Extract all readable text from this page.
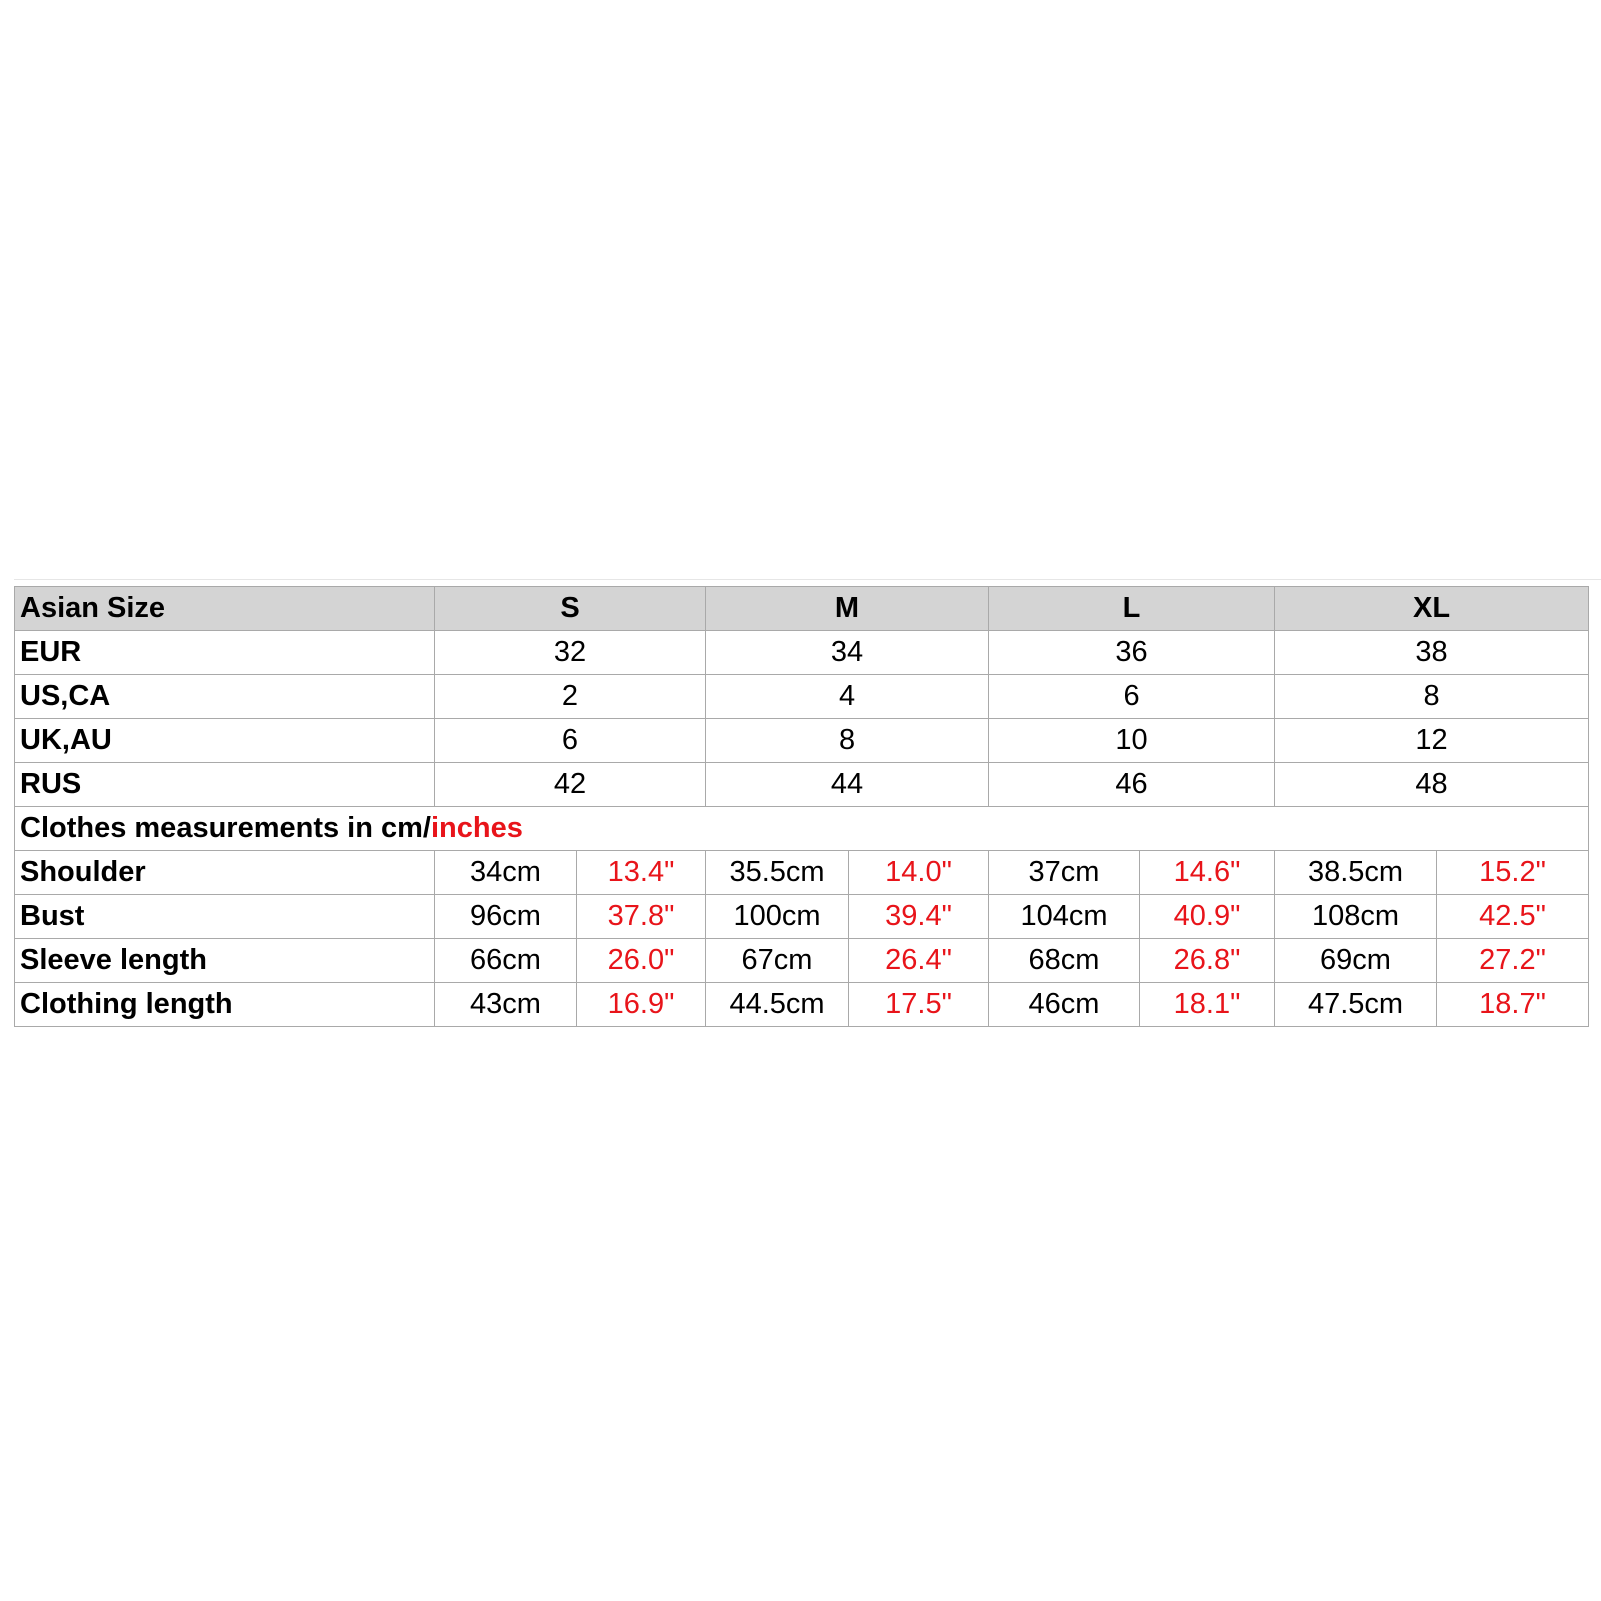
Asian Size	S		M		L		XL	
EUR	32		34		36		38	
US,CA	2		4		6		8	
UK,AU	6		8		10		12	
RUS	42		44		46		48	
Clothes measurements in cm/inches								
Shoulder	34cm	13.4"	35.5cm	14.0"	37cm	14.6"	38.5cm	15.2"
Bust	96cm	37.8"	100cm	39.4"	104cm	40.9"	108cm	42.5"
Sleeve length	66cm	26.0"	67cm	26.4"	68cm	26.8"	69cm	27.2"
Clothing length	43cm	16.9"	44.5cm	17.5"	46cm	18.1"	47.5cm	18.7"
